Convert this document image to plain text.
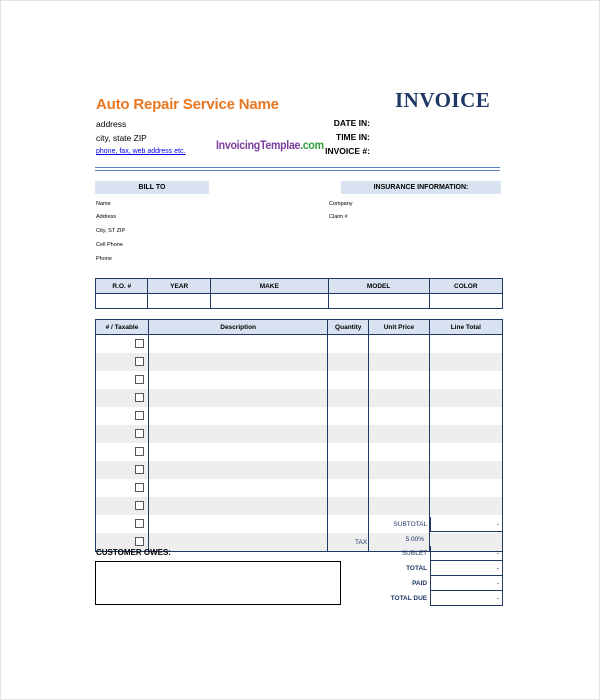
Auto Repair Service Name
address
city, state ZIP
phone, fax, web address etc.	InvoicingTemplae.com
INVOICE
DATE IN:
TIME IN:
INVOICE #:
BILL TO	INSURANCE INFORMATION:
Name
Address
City, ST ZIP
Cell Phone
Phone
Company
Claim #
R.O. #	YEAR	MAKE	MODEL	COLOR

# / Taxable	Description	Quantity	Unit Price	Line Total

SUBTOTAL	-

TAX	5.00%
SUBLET	-
TOTAL	-
PAID	-
TOTAL DUE	-
CUSTOMER OWES:
